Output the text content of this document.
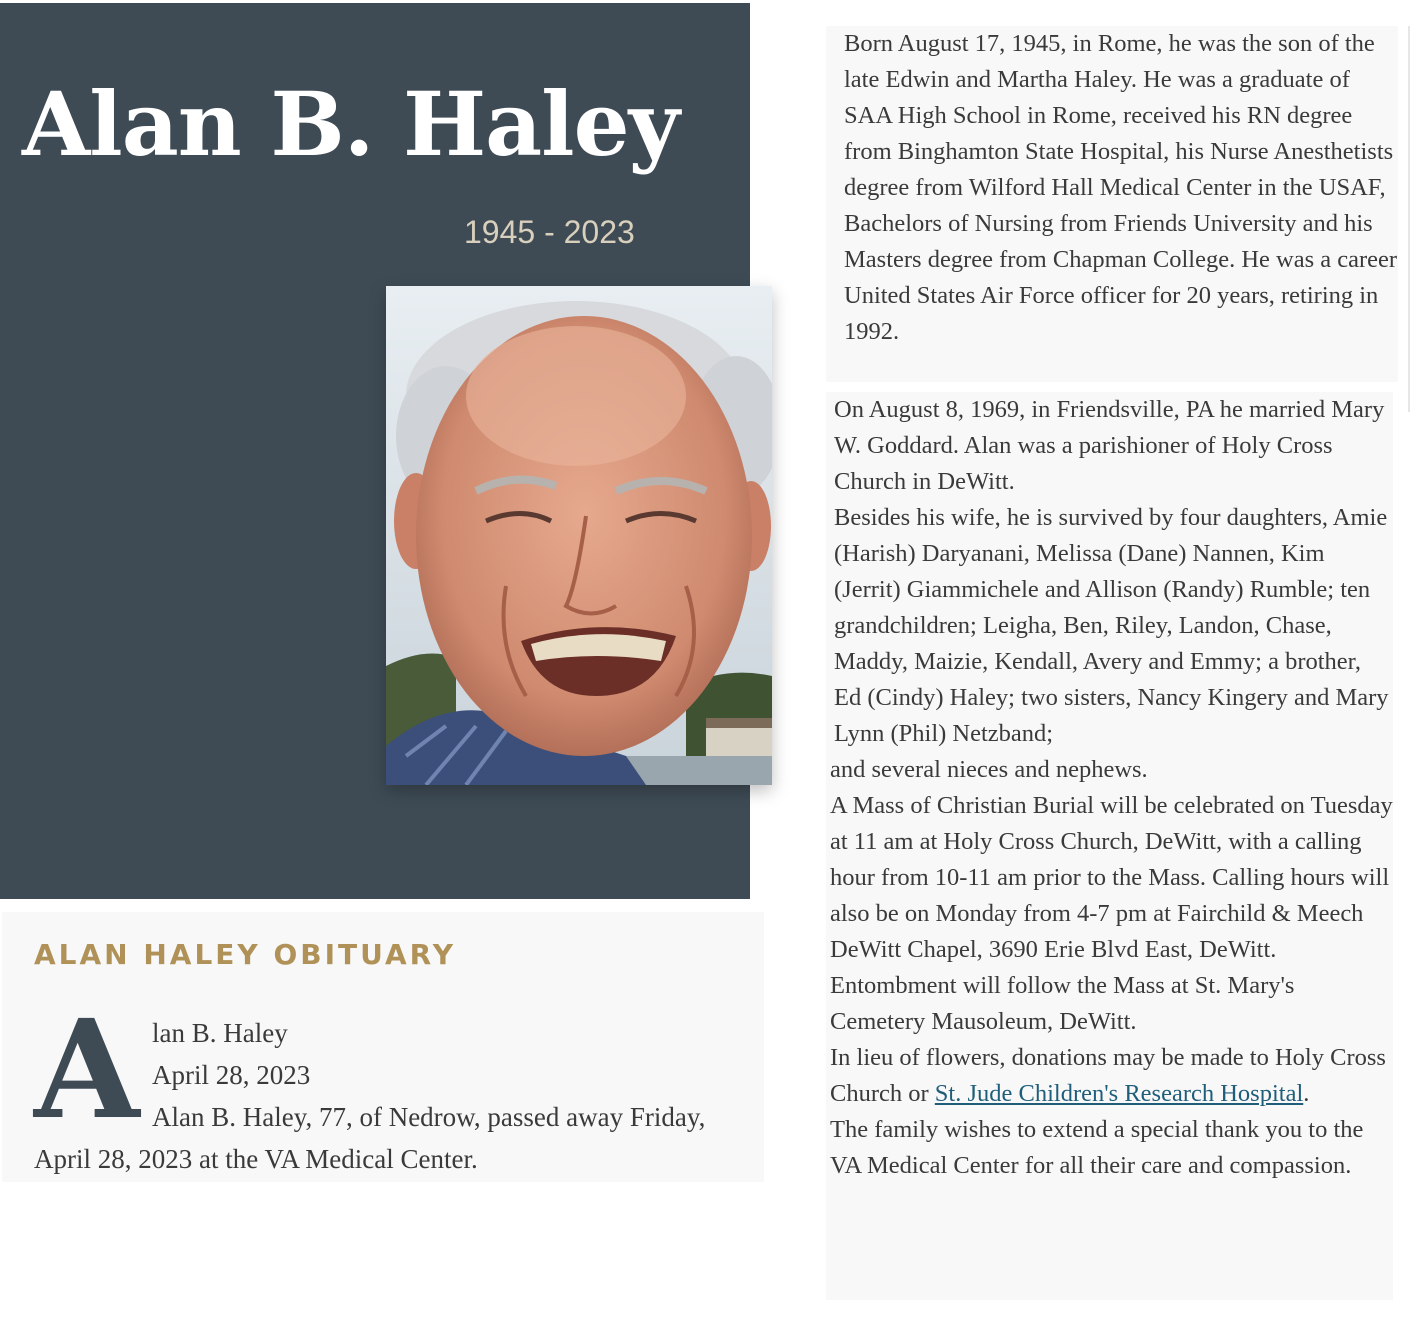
Alan B. Haley
1945 - 2023
ALAN HALEY OBITUARY
A lan B. Haley
April 28, 2023
Alan B. Haley, 77, of Nedrow, passed away Friday,
April 28, 2023 at the VA Medical Center.

Born August 17, 1945, in Rome, he was the son of the late Edwin and Martha Haley. He was a graduate of SAA High School in Rome, received his RN degree from Binghamton State Hospital, his Nurse Anesthetists degree from Wilford Hall Medical Center in the USAF, Bachelors of Nursing from Friends University and his Masters degree from Chapman College. He was a career United States Air Force officer for 20 years, retiring in 1992.

On August 8, 1969, in Friendsville, PA he married Mary W. Goddard. Alan was a parishioner of Holy Cross Church in DeWitt.

Besides his wife, he is survived by four daughters, Amie (Harish) Daryanani, Melissa (Dane) Nannen, Kim (Jerrit) Giammichele and Allison (Randy) Rumble; ten grandchildren; Leigha, Ben, Riley, Landon, Chase, Maddy, Maizie, Kendall, Avery and Emmy; a brother, Ed (Cindy) Haley; two sisters, Nancy Kingery and Mary Lynn (Phil) Netzband;

and several nieces and nephews.

A Mass of Christian Burial will be celebrated on Tuesday at 11 am at Holy Cross Church, DeWitt, with a calling hour from 10-11 am prior to the Mass. Calling hours will also be on Monday from 4-7 pm at Fairchild & Meech DeWitt Chapel, 3690 Erie Blvd East, DeWitt. Entombment will follow the Mass at St. Mary's Cemetery Mausoleum, DeWitt.

In lieu of flowers, donations may be made to Holy Cross Church or St. Jude Children's Research Hospital.

The family wishes to extend a special thank you to the VA Medical Center for all their care and compassion.
